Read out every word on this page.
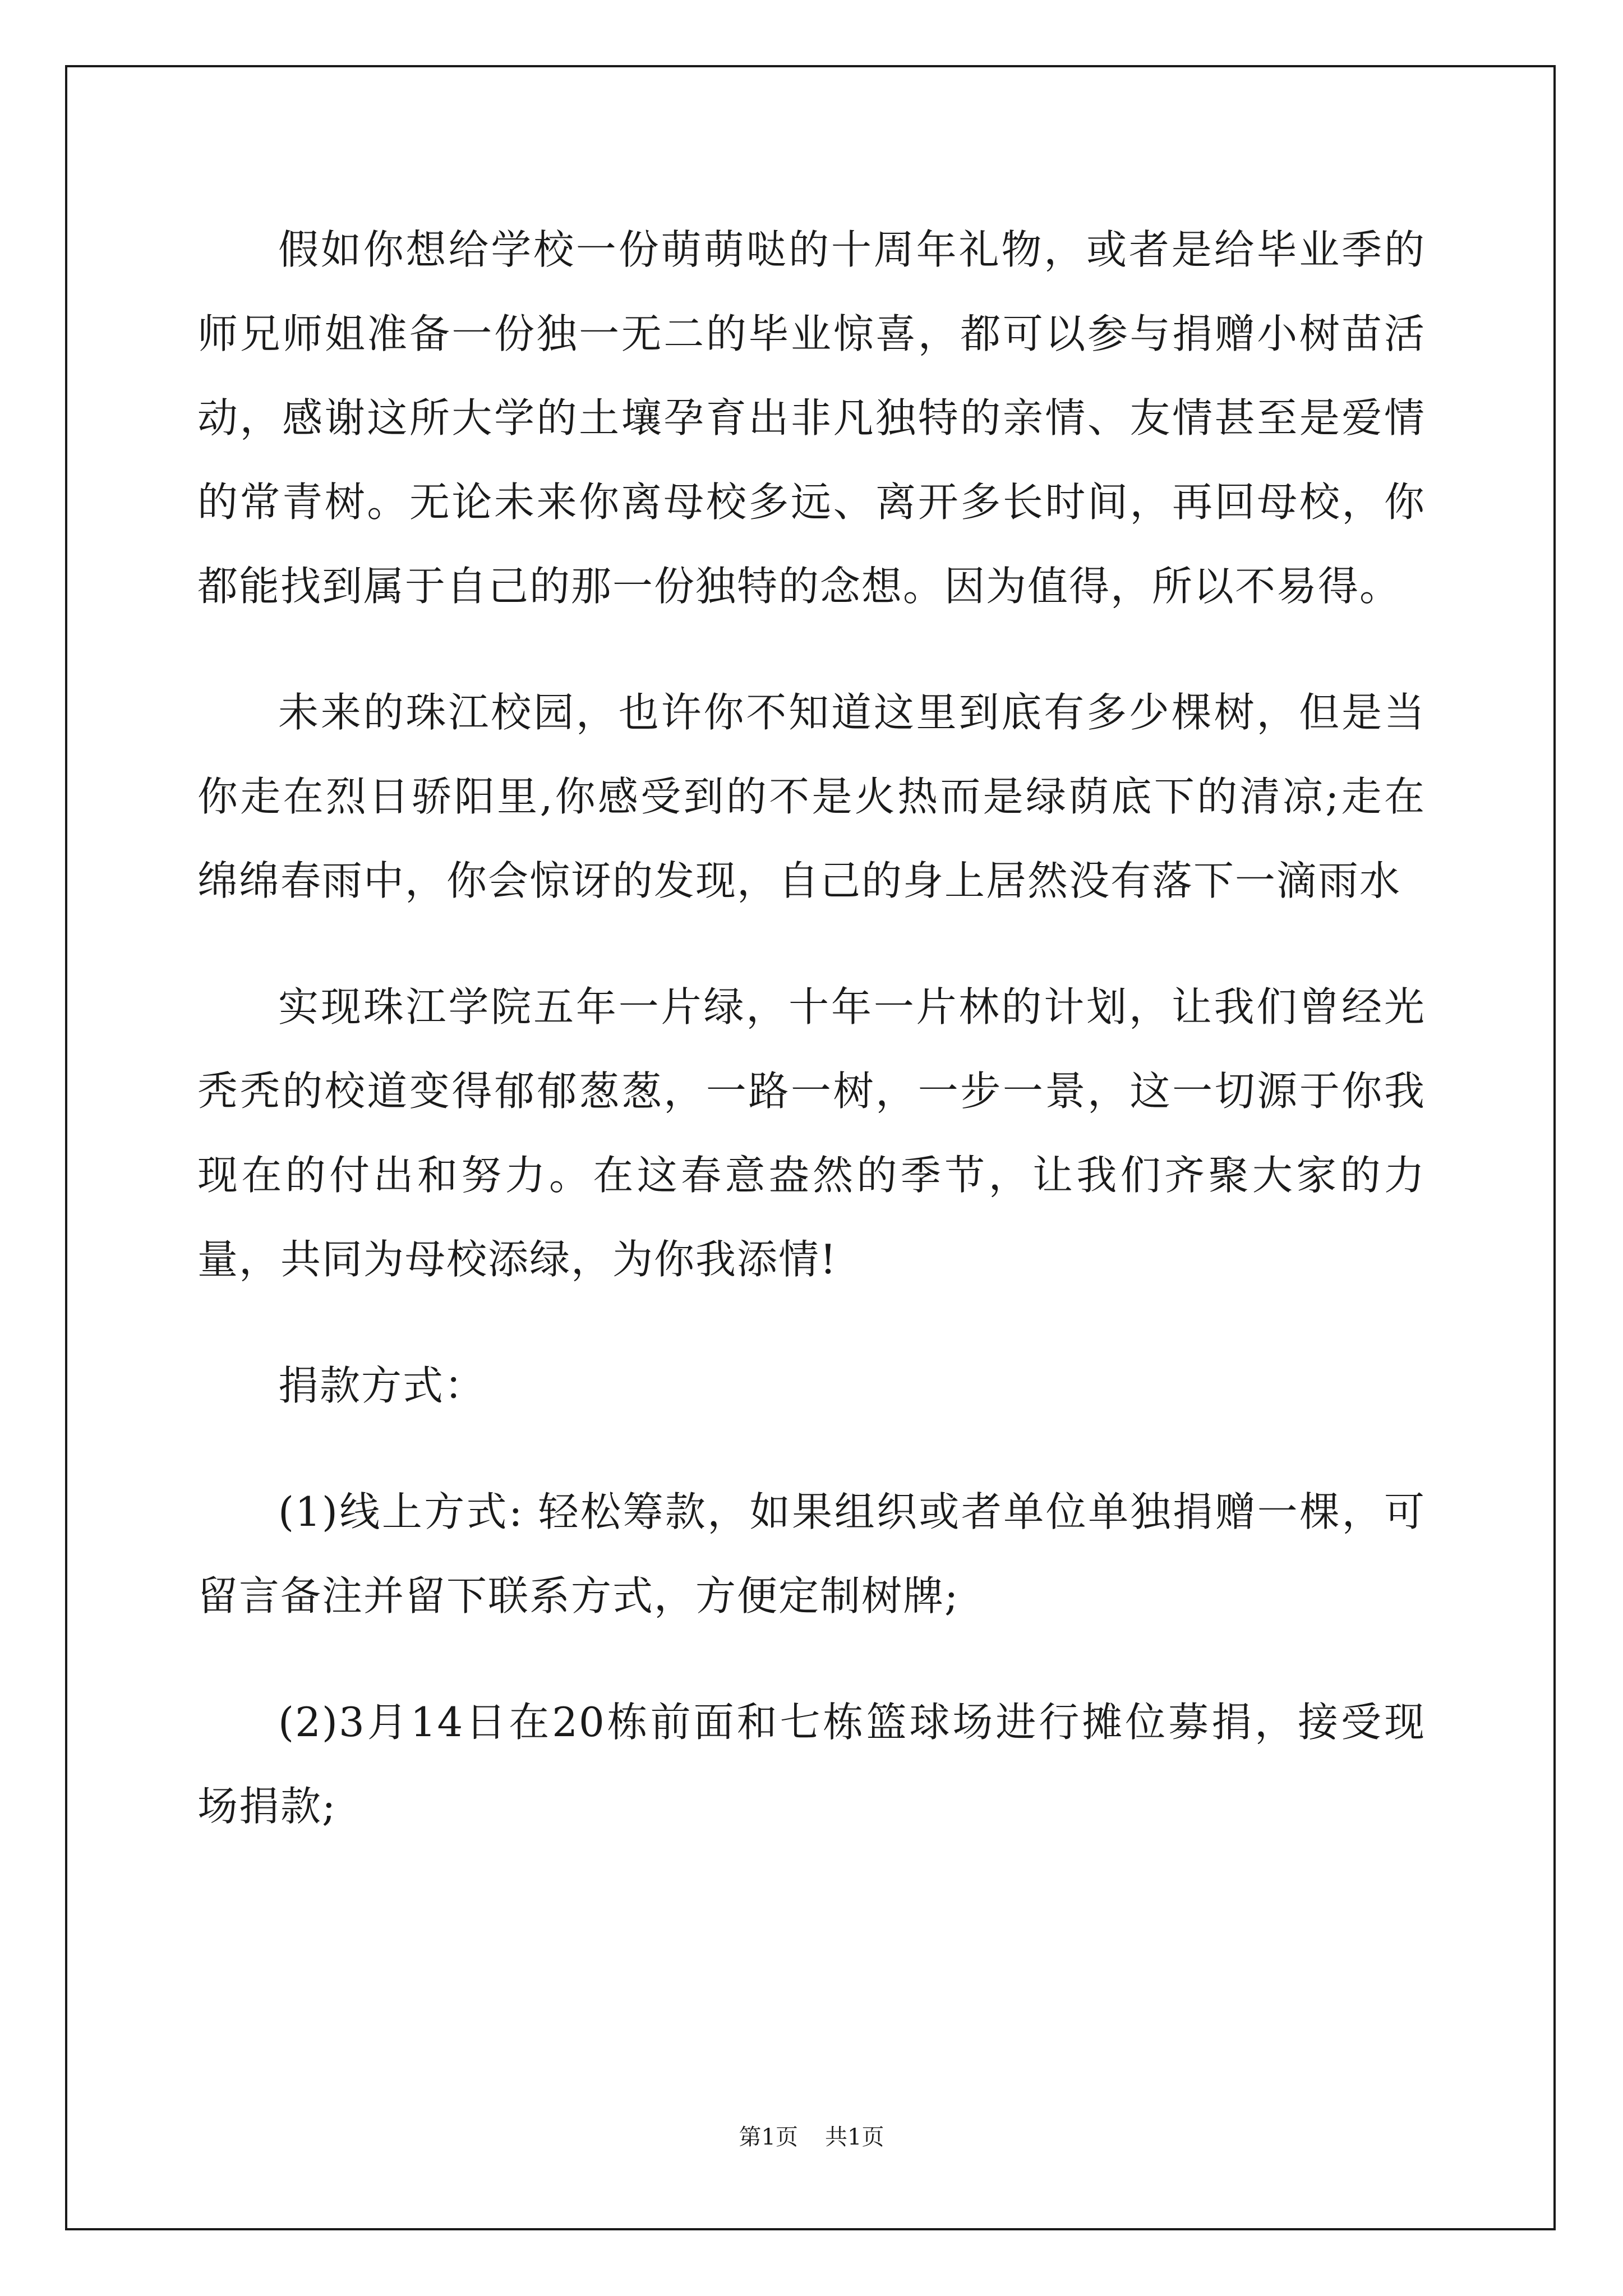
假如你想给学校一份萌萌哒的十周年礼物，或者是给毕业季的师兄师姐准备一份独一无二的毕业惊喜，都可以参与捐赠小树苗活动，感谢这所大学的土壤孕育出非凡独特的亲情、友情甚至是爱情的常青树。无论未来你离母校多远、离开多长时间，再回母校，你都能找到属于自己的那一份独特的念想。因为值得，所以不易得。

未来的珠江校园，也许你不知道这里到底有多少棵树，但是当你走在烈日骄阳里,你感受到的不是火热而是绿荫底下的清凉;走在绵绵春雨中，你会惊讶的发现，自己的身上居然没有落下一滴雨水

实现珠江学院五年一片绿，十年一片林的计划，让我们曾经光秃秃的校道变得郁郁葱葱，一路一树，一步一景，这一切源于你我现在的付出和努力。在这春意盎然的季节，让我们齐聚大家的力量，共同为母校添绿，为你我添情!

捐款方式：

(1)线上方式: 轻松筹款，如果组织或者单位单独捐赠一棵，可留言备注并留下联系方式，方便定制树牌;

(2)3月14日在20栋前面和七栋篮球场进行摊位募捐，接受现场捐款;

第1页 共1页
